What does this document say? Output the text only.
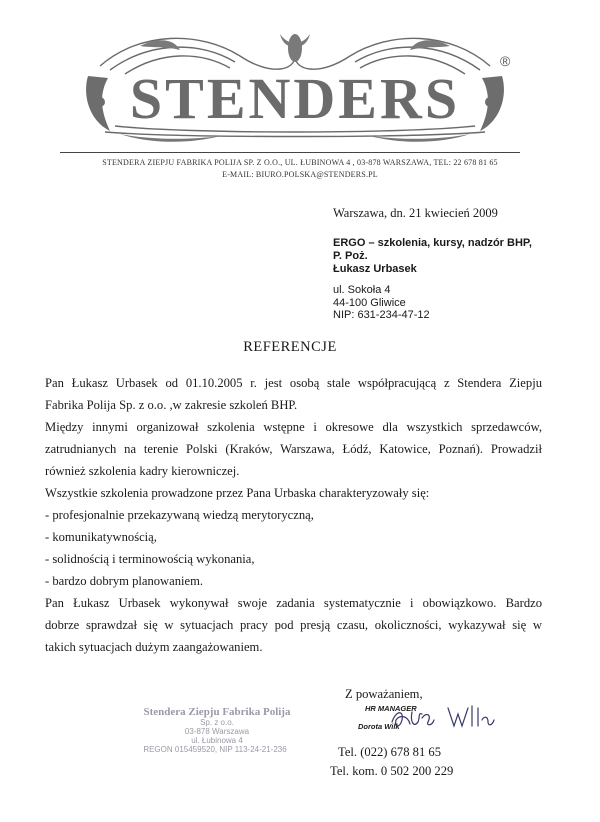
STENDERS
®
STENDERA ZIEPJU FABRIKA POLIJA SP. Z O.O., UL. ŁUBINOWA 4 , 03-878 WARSZAWA, TEL: 22 678 81 65
E-MAIL: BIURO.POLSKA@STENDERS.PL
Warszawa, dn. 21 kwiecień 2009
ERGO – szkolenia, kursy, nadzór BHP,
P. Poż.
Łukasz Urbasek
ul. Sokoła 4
44-100 Gliwice
NIP: 631-234-47-12
REFERENCJE

Pan Łukasz Urbasek od 01.10.2005 r. jest osobą stale współpracującą z Stendera Ziepju

Fabrika Polija Sp. z o.o. ,w zakresie szkoleń BHP.

Między innymi organizował szkolenia wstępne i okresowe dla wszystkich sprzedawców,

zatrudnianych na terenie Polski (Kraków, Warszawa, Łódź, Katowice, Poznań). Prowadził

również szkolenia kadry kierowniczej.

Wszystkie szkolenia prowadzone przez Pana Urbaska charakteryzowały się:

- profesjonalnie przekazywaną wiedzą merytoryczną,

- komunikatywnością,

- solidnością i terminowością wykonania,

- bardzo dobrym planowaniem.

Pan Łukasz Urbasek wykonywał swoje zadania systematycznie i obowiązkowo. Bardzo

dobrze sprawdzał się w sytuacjach pracy pod presją czasu, okoliczności, wykazywał się w

takich sytuacjach dużym zaangażowaniem.

Stendera Ziepju Fabrika Polija
Sp. z o.o.
03-878 Warszawa
ul. Łubinowa 4
REGON 015459520, NIP 113-24-21-236
Z poważaniem,
HR MANAGER
Dorota Wilk
Tel. (022) 678 81 65
Tel. kom. 0 502 200 229
